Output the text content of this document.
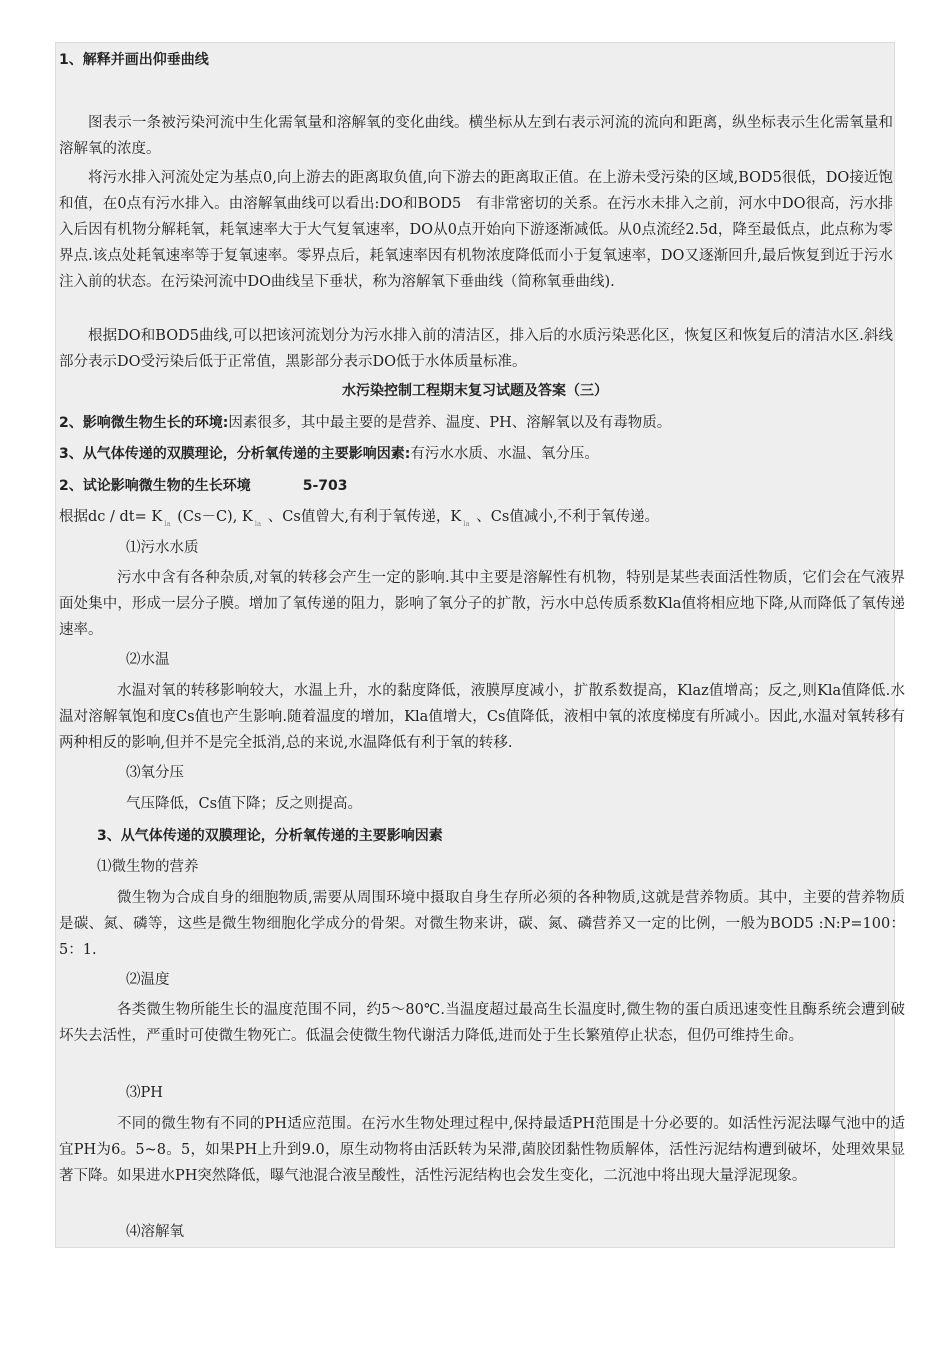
1、解释并画出仰垂曲线
图表示一条被污染河流中生化需氧量和溶解氧的变化曲线。横坐标从左到右表示河流的流向和距离，纵坐标表示生化需氧量和溶解氧的浓度。
将污水排入河流处定为基点0,向上游去的距离取负值,向下游去的距离取正值。在上游未受污染的区域,BOD5很低，DO接近饱和值，在0点有污水排入。由溶解氧曲线可以看出:DO和BOD5　有非常密切的关系。在污水未排入之前，河水中DO很高，污水排入后因有机物分解耗氧，耗氧速率大于大气复氧速率，DO从0点开始向下游逐渐减低。从0点流经2.5d，降至最低点，此点称为零界点.该点处耗氧速率等于复氧速率。零界点后，耗氧速率因有机物浓度降低而小于复氧速率，DO又逐渐回升,最后恢复到近于污水注入前的状态。在污染河流中DO曲线呈下垂状，称为溶解氧下垂曲线（简称氧垂曲线).
根据DO和BOD5曲线,可以把该河流划分为污水排入前的清洁区，排入后的水质污染恶化区，恢复区和恢复后的清洁水区.斜线部分表示DO受污染后低于正常值，黑影部分表示DO低于水体质量标准。
水污染控制工程期末复习试题及答案（三）
2、影响微生物生长的环境:因素很多，其中最主要的是营养、温度、PH、溶解氧以及有毒物质。
3、从气体传递的双膜理论，分析氧传递的主要影响因素:有污水水质、水温、氧分压。
2、试论影响微生物的生长环境	5-703
根据dc / dt= K $_{la}$ (Cs－C), K $_{la}$ 、Cs值曾大,有利于氧传递，K $_{la}$ 、Cs值减小,不利于氧传递。
⑴污水水质
污水中含有各种杂质,对氧的转移会产生一定的影响.其中主要是溶解性有机物，特别是某些表面活性物质，它们会在气液界面处集中，形成一层分子膜。增加了氧传递的阻力，影响了氧分子的扩散，污水中总传质系数Kla值将相应地下降,从而降低了氧传递速率。
⑵水温
水温对氧的转移影响较大，水温上升，水的黏度降低，液膜厚度减小，扩散系数提高，Klaz值增高；反之,则Kla值降低.水温对溶解氧饱和度Cs值也产生影响.随着温度的增加，Kla值增大，Cs值降低，液相中氧的浓度梯度有所减小。因此,水温对氧转移有两种相反的影响,但并不是完全抵消,总的来说,水温降低有利于氧的转移.
⑶氧分压
气压降低，Cs值下降；反之则提高。
3、从气体传递的双膜理论，分析氧传递的主要影响因素
⑴微生物的营养
微生物为合成自身的细胞物质,需要从周围环境中摄取自身生存所必须的各种物质,这就是营养物质。其中，主要的营养物质是碳、氮、磷等，这些是微生物细胞化学成分的骨架。对微生物来讲，碳、氮、磷营养又一定的比例，一般为BOD5 :N:P=100：5：1.
⑵温度
各类微生物所能生长的温度范围不同，约5～80℃.当温度超过最高生长温度时,微生物的蛋白质迅速变性且酶系统会遭到破坏失去活性，严重时可使微生物死亡。低温会使微生物代谢活力降低,进而处于生长繁殖停止状态，但仍可维持生命。
⑶PH
不同的微生物有不同的PH适应范围。在污水生物处理过程中,保持最适PH范围是十分必要的。如活性污泥法曝气池中的适宜PH为6。5~8。5，如果PH上升到9.0，原生动物将由活跃转为呆滞,菌胶团黏性物质解体，活性污泥结构遭到破坏，处理效果显著下降。如果进水PH突然降低，曝气池混合液呈酸性，活性污泥结构也会发生变化，二沉池中将出现大量浮泥现象。
⑷溶解氧
